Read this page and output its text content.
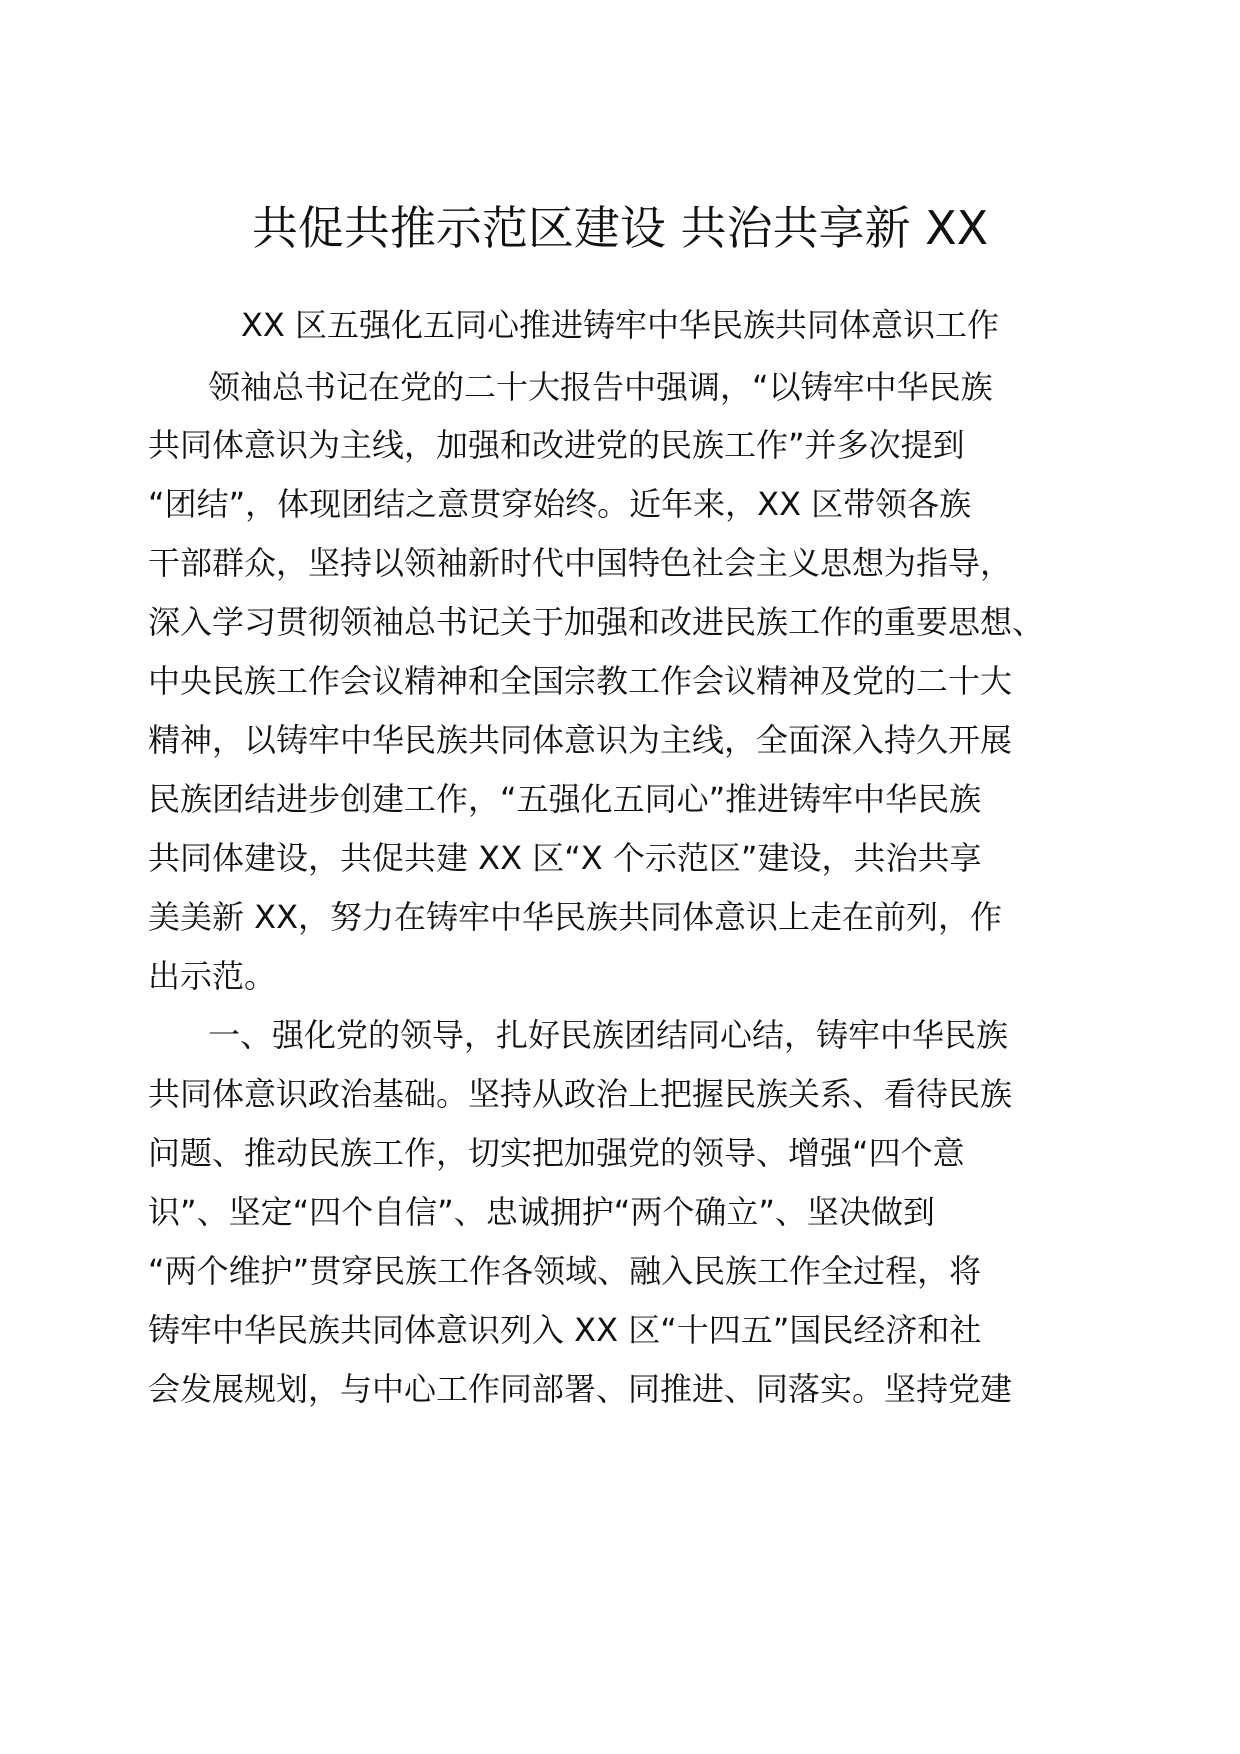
共促共推示范区建设 共治共享新 XX
XX 区五强化五同心推进铸牢中华民族共同体意识工作
领袖总书记在党的二十大报告中强调，“以铸牢中华民族
共同体意识为主线，加强和改进党的民族工作”并多次提到
“团结”，体现团结之意贯穿始终。近年来，XX 区带领各族
干部群众，坚持以领袖新时代中国特色社会主义思想为指导，
深入学习贯彻领袖总书记关于加强和改进民族工作的重要思想、
中央民族工作会议精神和全国宗教工作会议精神及党的二十大
精神，以铸牢中华民族共同体意识为主线，全面深入持久开展
民族团结进步创建工作，“五强化五同心”推进铸牢中华民族
共同体建设，共促共建 XX 区“X 个示范区”建设，共治共享
美美新 XX，努力在铸牢中华民族共同体意识上走在前列，作
出示范。
一、强化党的领导，扎好民族团结同心结，铸牢中华民族
共同体意识政治基础。坚持从政治上把握民族关系、看待民族
问题、推动民族工作，切实把加强党的领导、增强“四个意
识”、坚定“四个自信”、忠诚拥护“两个确立”、坚决做到
“两个维护”贯穿民族工作各领域、融入民族工作全过程，将
铸牢中华民族共同体意识列入 XX 区“十四五”国民经济和社
会发展规划，与中心工作同部署、同推进、同落实。坚持党建
